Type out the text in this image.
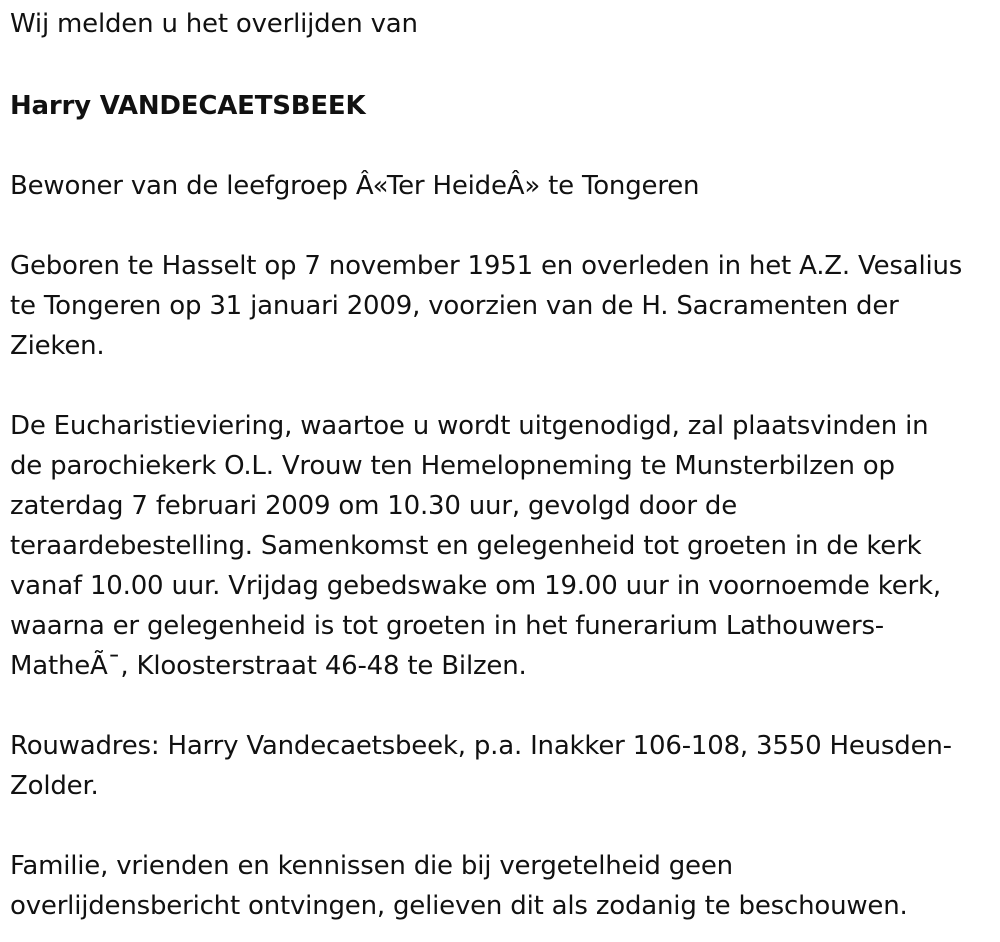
Wij melden u het overlijden van

Harry VANDECAETSBEEK

Bewoner van de leefgroep Â«Ter HeideÂ» te Tongeren

Geboren te Hasselt op 7 november 1951 en overleden in het A.Z. Vesalius
te Tongeren op 31 januari 2009, voorzien van de H. Sacramenten der
Zieken.

De Eucharistieviering, waartoe u wordt uitgenodigd, zal plaatsvinden in
de parochiekerk O.L. Vrouw ten Hemelopneming te Munsterbilzen op
zaterdag 7 februari 2009 om 10.30 uur, gevolgd door de
teraardebestelling. Samenkomst en gelegenheid tot groeten in de kerk
vanaf 10.00 uur. Vrijdag gebedswake om 19.00 uur in voornoemde kerk,
waarna er gelegenheid is tot groeten in het funerarium Lathouwers-
MatheÃ¯, Kloosterstraat 46-48 te Bilzen.

Rouwadres: Harry Vandecaetsbeek, p.a. Inakker 106-108, 3550 Heusden-
Zolder.

Familie, vrienden en kennissen die bij vergetelheid geen
overlijdensbericht ontvingen, gelieven dit als zodanig te beschouwen.
